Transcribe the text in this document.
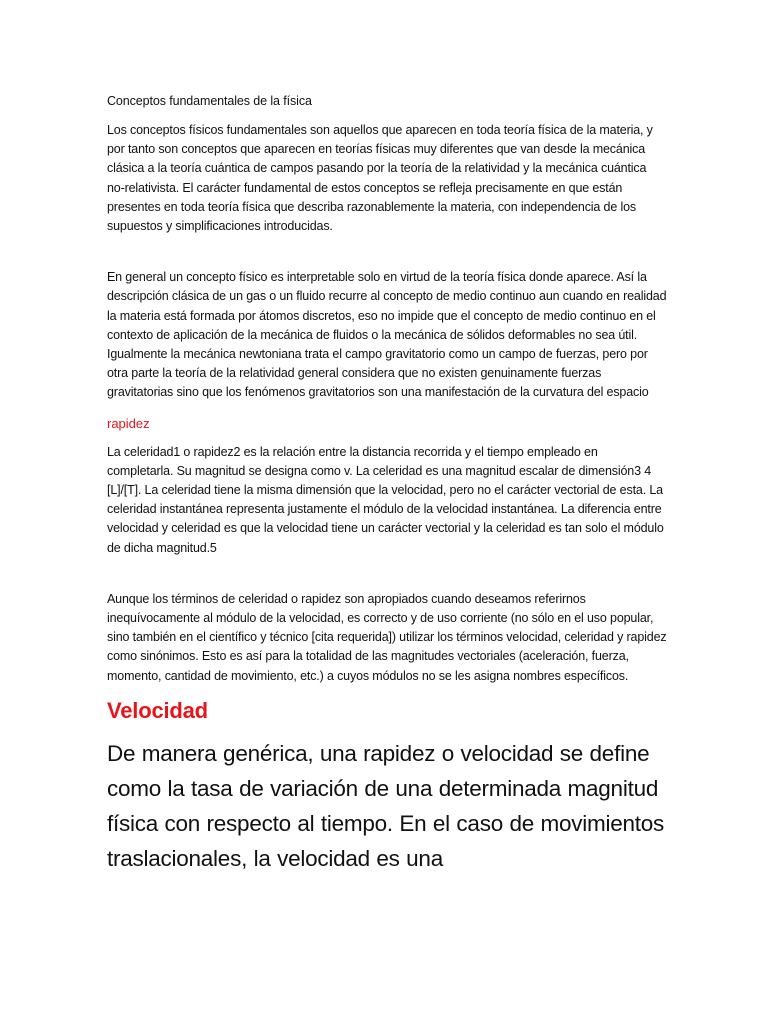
Conceptos fundamentales de la física

Los conceptos físicos fundamentales son aquellos que aparecen en toda teoría física de la materia, y por tanto son conceptos que aparecen en teorías físicas muy diferentes que van desde la mecánica clásica a la teoría cuántica de campos pasando por la teoría de la relatividad y la mecánica cuántica no-relativista. El carácter fundamental de estos conceptos se refleja precisamente en que están presentes en toda teoría física que describa razonablemente la materia, con independencia de los supuestos y simplificaciones introducidas.

En general un concepto físico es interpretable solo en virtud de la teoría física donde aparece. Así la descripción clásica de un gas o un fluido recurre al concepto de medio continuo aun cuando en realidad la materia está formada por átomos discretos, eso no impide que el concepto de medio continuo en el contexto de aplicación de la mecánica de fluidos o la mecánica de sólidos deformables no sea útil. Igualmente la mecánica newtoniana trata el campo gravitatorio como un campo de fuerzas, pero por otra parte la teoría de la relatividad general considera que no existen genuinamente fuerzas gravitatorias sino que los fenómenos gravitatorios son una manifestación de la curvatura del espacio

rapidez

La celeridad1 o rapidez2 es la relación entre la distancia recorrida y el tiempo empleado en completarla. Su magnitud se designa como v. La celeridad es una magnitud escalar de dimensión3 4 [L]/[T]. La celeridad tiene la misma dimensión que la velocidad, pero no el carácter vectorial de esta. La celeridad instantánea representa justamente el módulo de la velocidad instantánea. La diferencia entre velocidad y celeridad es que la velocidad tiene un carácter vectorial y la celeridad es tan solo el módulo de dicha magnitud.5

Aunque los términos de celeridad o rapidez son apropiados cuando deseamos referirnos inequívocamente al módulo de la velocidad, es correcto y de uso corriente (no sólo en el uso popular, sino también en el científico y técnico [cita requerida]) utilizar los términos velocidad, celeridad y rapidez como sinónimos. Esto es así para la totalidad de las magnitudes vectoriales (aceleración, fuerza, momento, cantidad de movimiento, etc.) a cuyos módulos no se les asigna nombres específicos.

Velocidad

De manera genérica, una rapidez o velocidad se define como la tasa de variación de una determinada magnitud física con respecto al tiempo. En el caso de movimientos traslacionales, la velocidad es una
